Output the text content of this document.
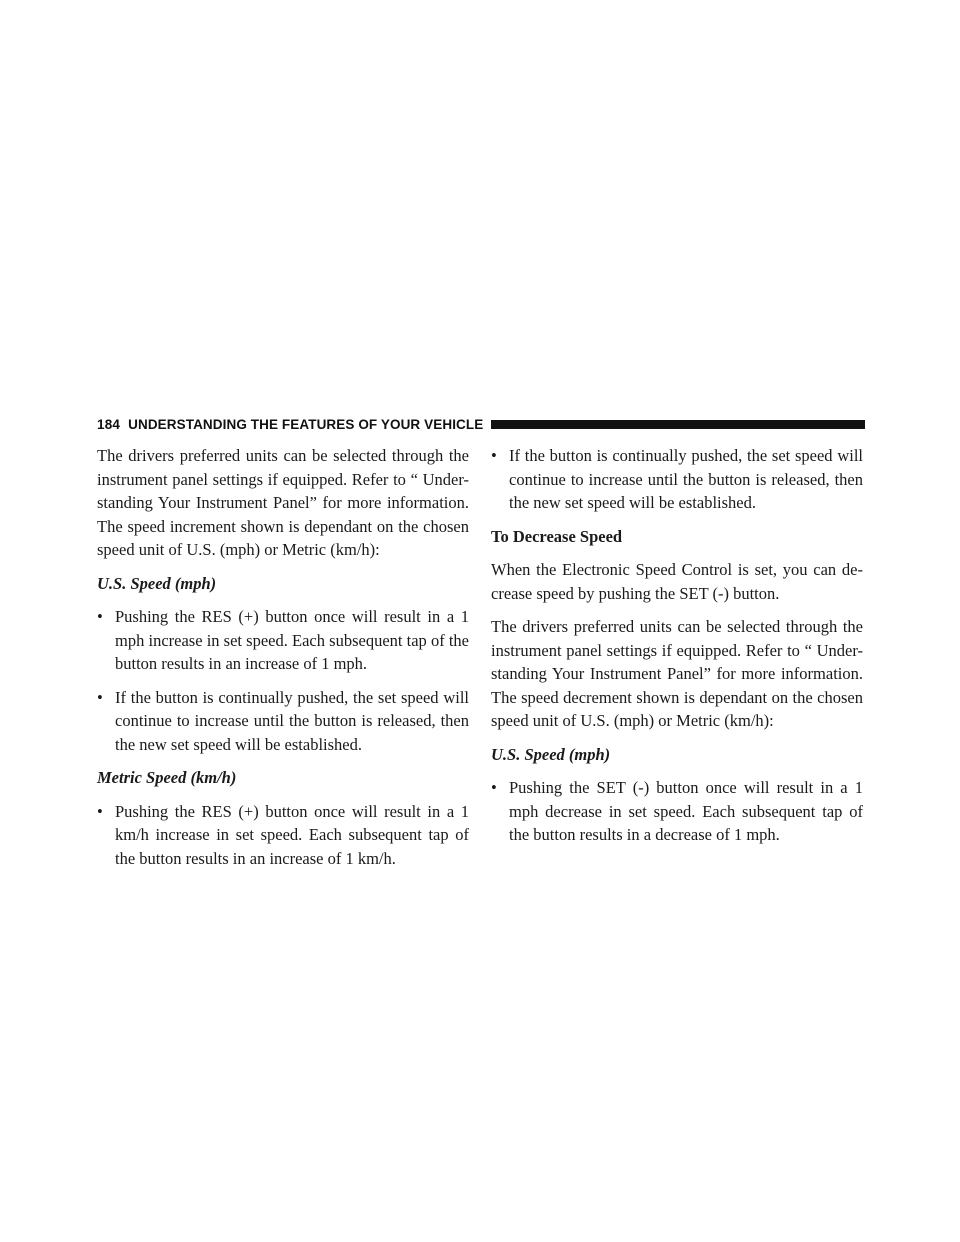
184 UNDERSTANDING THE FEATURES OF YOUR VEHICLE

The drivers preferred units can be selected through the instrument panel settings if equipped. Refer to “ Under- standing Your Instrument Panel” for more information. The speed increment shown is dependant on the chosen speed unit of U.S. (mph) or Metric (km/h):

U.S. Speed (mph)
• Pushing the RES (+) button once will result in a 1 mph increase in set speed. Each subsequent tap of the button results in an increase of 1 mph.
• If the button is continually pushed, the set speed will continue to increase until the button is released, then the new set speed will be established.
Metric Speed (km/h)
• Pushing the RES (+) button once will result in a 1 km/h increase in set speed. Each subsequent tap of the button results in an increase of 1 km/h.
• If the button is continually pushed, the set speed will continue to increase until the button is released, then the new set speed will be established.
To Decrease Speed

When the Electronic Speed Control is set, you can de- crease speed by pushing the SET (-) button.

The drivers preferred units can be selected through the instrument panel settings if equipped. Refer to “ Under- standing Your Instrument Panel” for more information. The speed decrement shown is dependant on the chosen speed unit of U.S. (mph) or Metric (km/h):

U.S. Speed (mph)
• Pushing the SET (-) button once will result in a 1 mph decrease in set speed. Each subsequent tap of the button results in a decrease of 1 mph.
